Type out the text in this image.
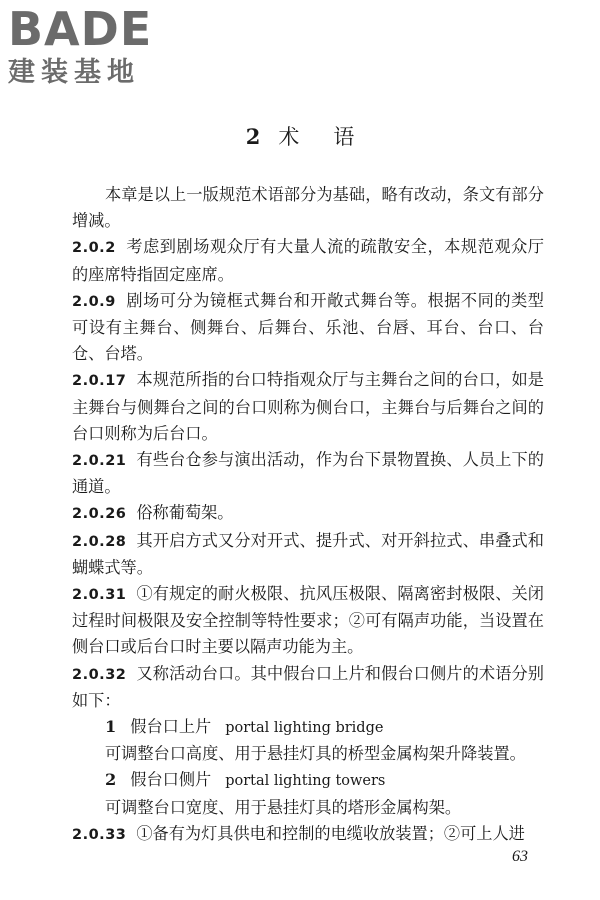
BADE
建装基地
2 术 语

本章是以上一版规范术语部分为基础，略有改动，条文有部分增减。

2.0.2 考虑到剧场观众厅有大量人流的疏散安全，本规范观众厅的座席特指固定座席。

2.0.9 剧场可分为镜框式舞台和开敞式舞台等。根据不同的类型可设有主舞台、侧舞台、后舞台、乐池、台唇、耳台、台口、台仓、台塔。

2.0.17 本规范所指的台口特指观众厅与主舞台之间的台口，如是主舞台与侧舞台之间的台口则称为侧台口，主舞台与后舞台之间的台口则称为后台口。

2.0.21 有些台仓参与演出活动，作为台下景物置换、人员上下的通道。

2.0.26 俗称葡萄架。

2.0.28 其开启方式又分对开式、提升式、对开斜拉式、串叠式和蝴蝶式等。

2.0.31 ①有规定的耐火极限、抗风压极限、隔离密封极限、关闭过程时间极限及安全控制等特性要求；②可有隔声功能，当设置在侧台口或后台口时主要以隔声功能为主。

2.0.32 又称活动台口。其中假台口上片和假台口侧片的术语分别如下：

1 假台口上片 portal lighting bridge

可调整台口高度、用于悬挂灯具的桥型金属构架升降装置。

2 假台口侧片 portal lighting towers

可调整台口宽度、用于悬挂灯具的塔形金属构架。

2.0.33 ①备有为灯具供电和控制的电缆收放装置；②可上人进

63
